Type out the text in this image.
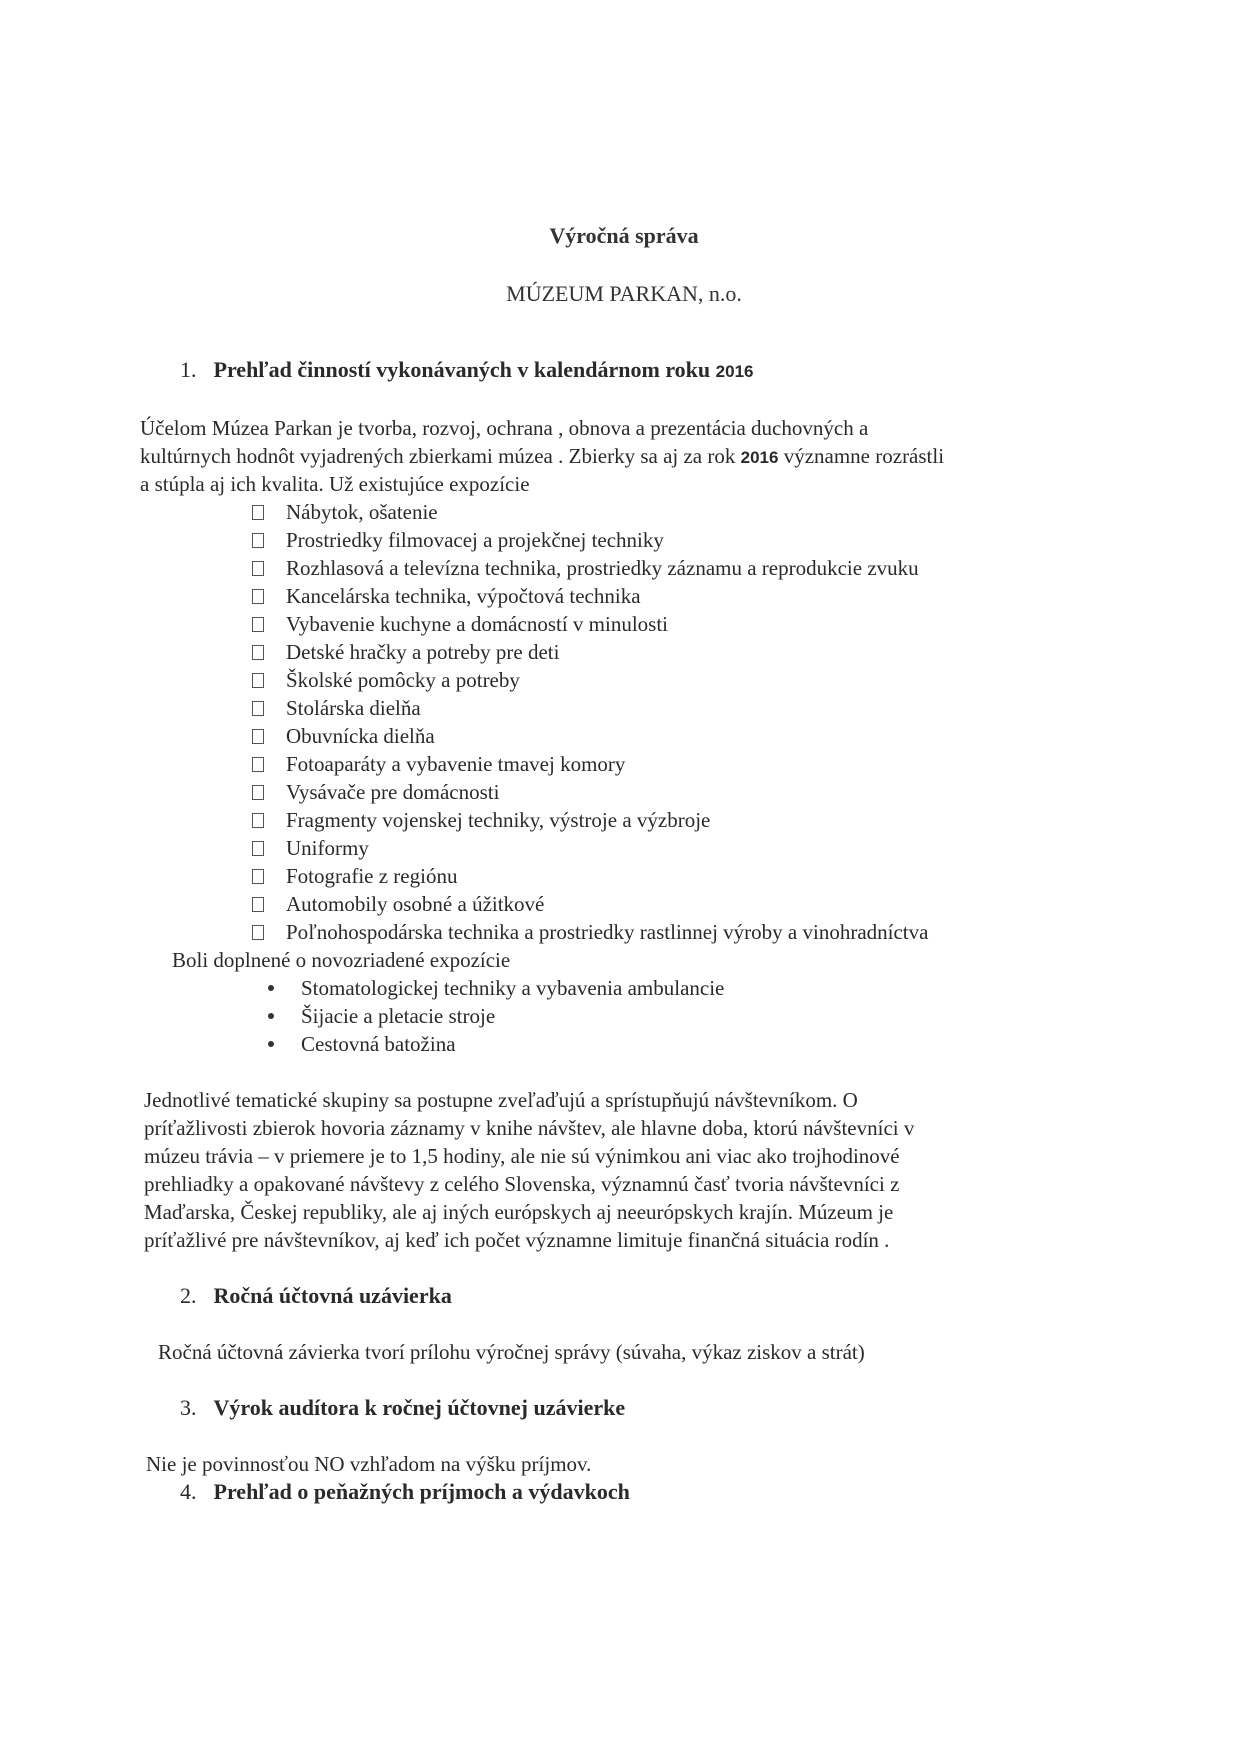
Výročná správa
MÚZEUM PARKAN, n.o.
1. Prehľad činností vykonávaných v kalendárnom roku 2016
Účelom Múzea Parkan je tvorba, rozvoj, ochrana , obnova a prezentácia duchovných a
kultúrnych hodnôt vyjadrených zbierkami múzea . Zbierky sa aj za rok 2016 významne rozrástli
a stúpla aj ich kvalita. Už existujúce expozície
Nábytok, ošatenie
Prostriedky filmovacej a projekčnej techniky
Rozhlasová a televízna technika, prostriedky záznamu a reprodukcie zvuku
Kancelárska technika, výpočtová technika
Vybavenie kuchyne a domácností v minulosti
Detské hračky a potreby pre deti
Školské pomôcky a potreby
Stolárska dielňa
Obuvnícka dielňa
Fotoaparáty a vybavenie tmavej komory
Vysávače pre domácnosti
Fragmenty vojenskej techniky, výstroje a výzbroje
Uniformy
Fotografie z regiónu
Automobily osobné a úžitkové
Poľnohospodárska technika a prostriedky rastlinnej výroby a vinohradníctva
Boli doplnené o novozriadené expozície
Stomatologickej techniky a vybavenia ambulancie
Šijacie a pletacie stroje
Cestovná batožina
Jednotlivé tematické skupiny sa postupne zveľaďujú a sprístupňujú návštevníkom. O
príťažlivosti zbierok hovoria záznamy v knihe návštev, ale hlavne doba, ktorú návštevníci v
múzeu trávia – v priemere je to 1,5 hodiny, ale nie sú výnimkou ani viac ako trojhodinové
prehliadky a opakované návštevy z celého Slovenska, významnú časť tvoria návštevníci z
Maďarska, Českej republiky, ale aj iných európskych aj neeurópskych krajín. Múzeum je
príťažlivé pre návštevníkov, aj keď ich počet významne limituje finančná situácia rodín .
2. Ročná účtovná uzávierka
Ročná účtovná závierka tvorí prílohu výročnej správy (súvaha, výkaz ziskov a strát)
3. Výrok audítora k ročnej účtovnej uzávierke
Nie je povinnosťou NO vzhľadom na výšku príjmov.
4. Prehľad o peňažných príjmoch a výdavkoch
